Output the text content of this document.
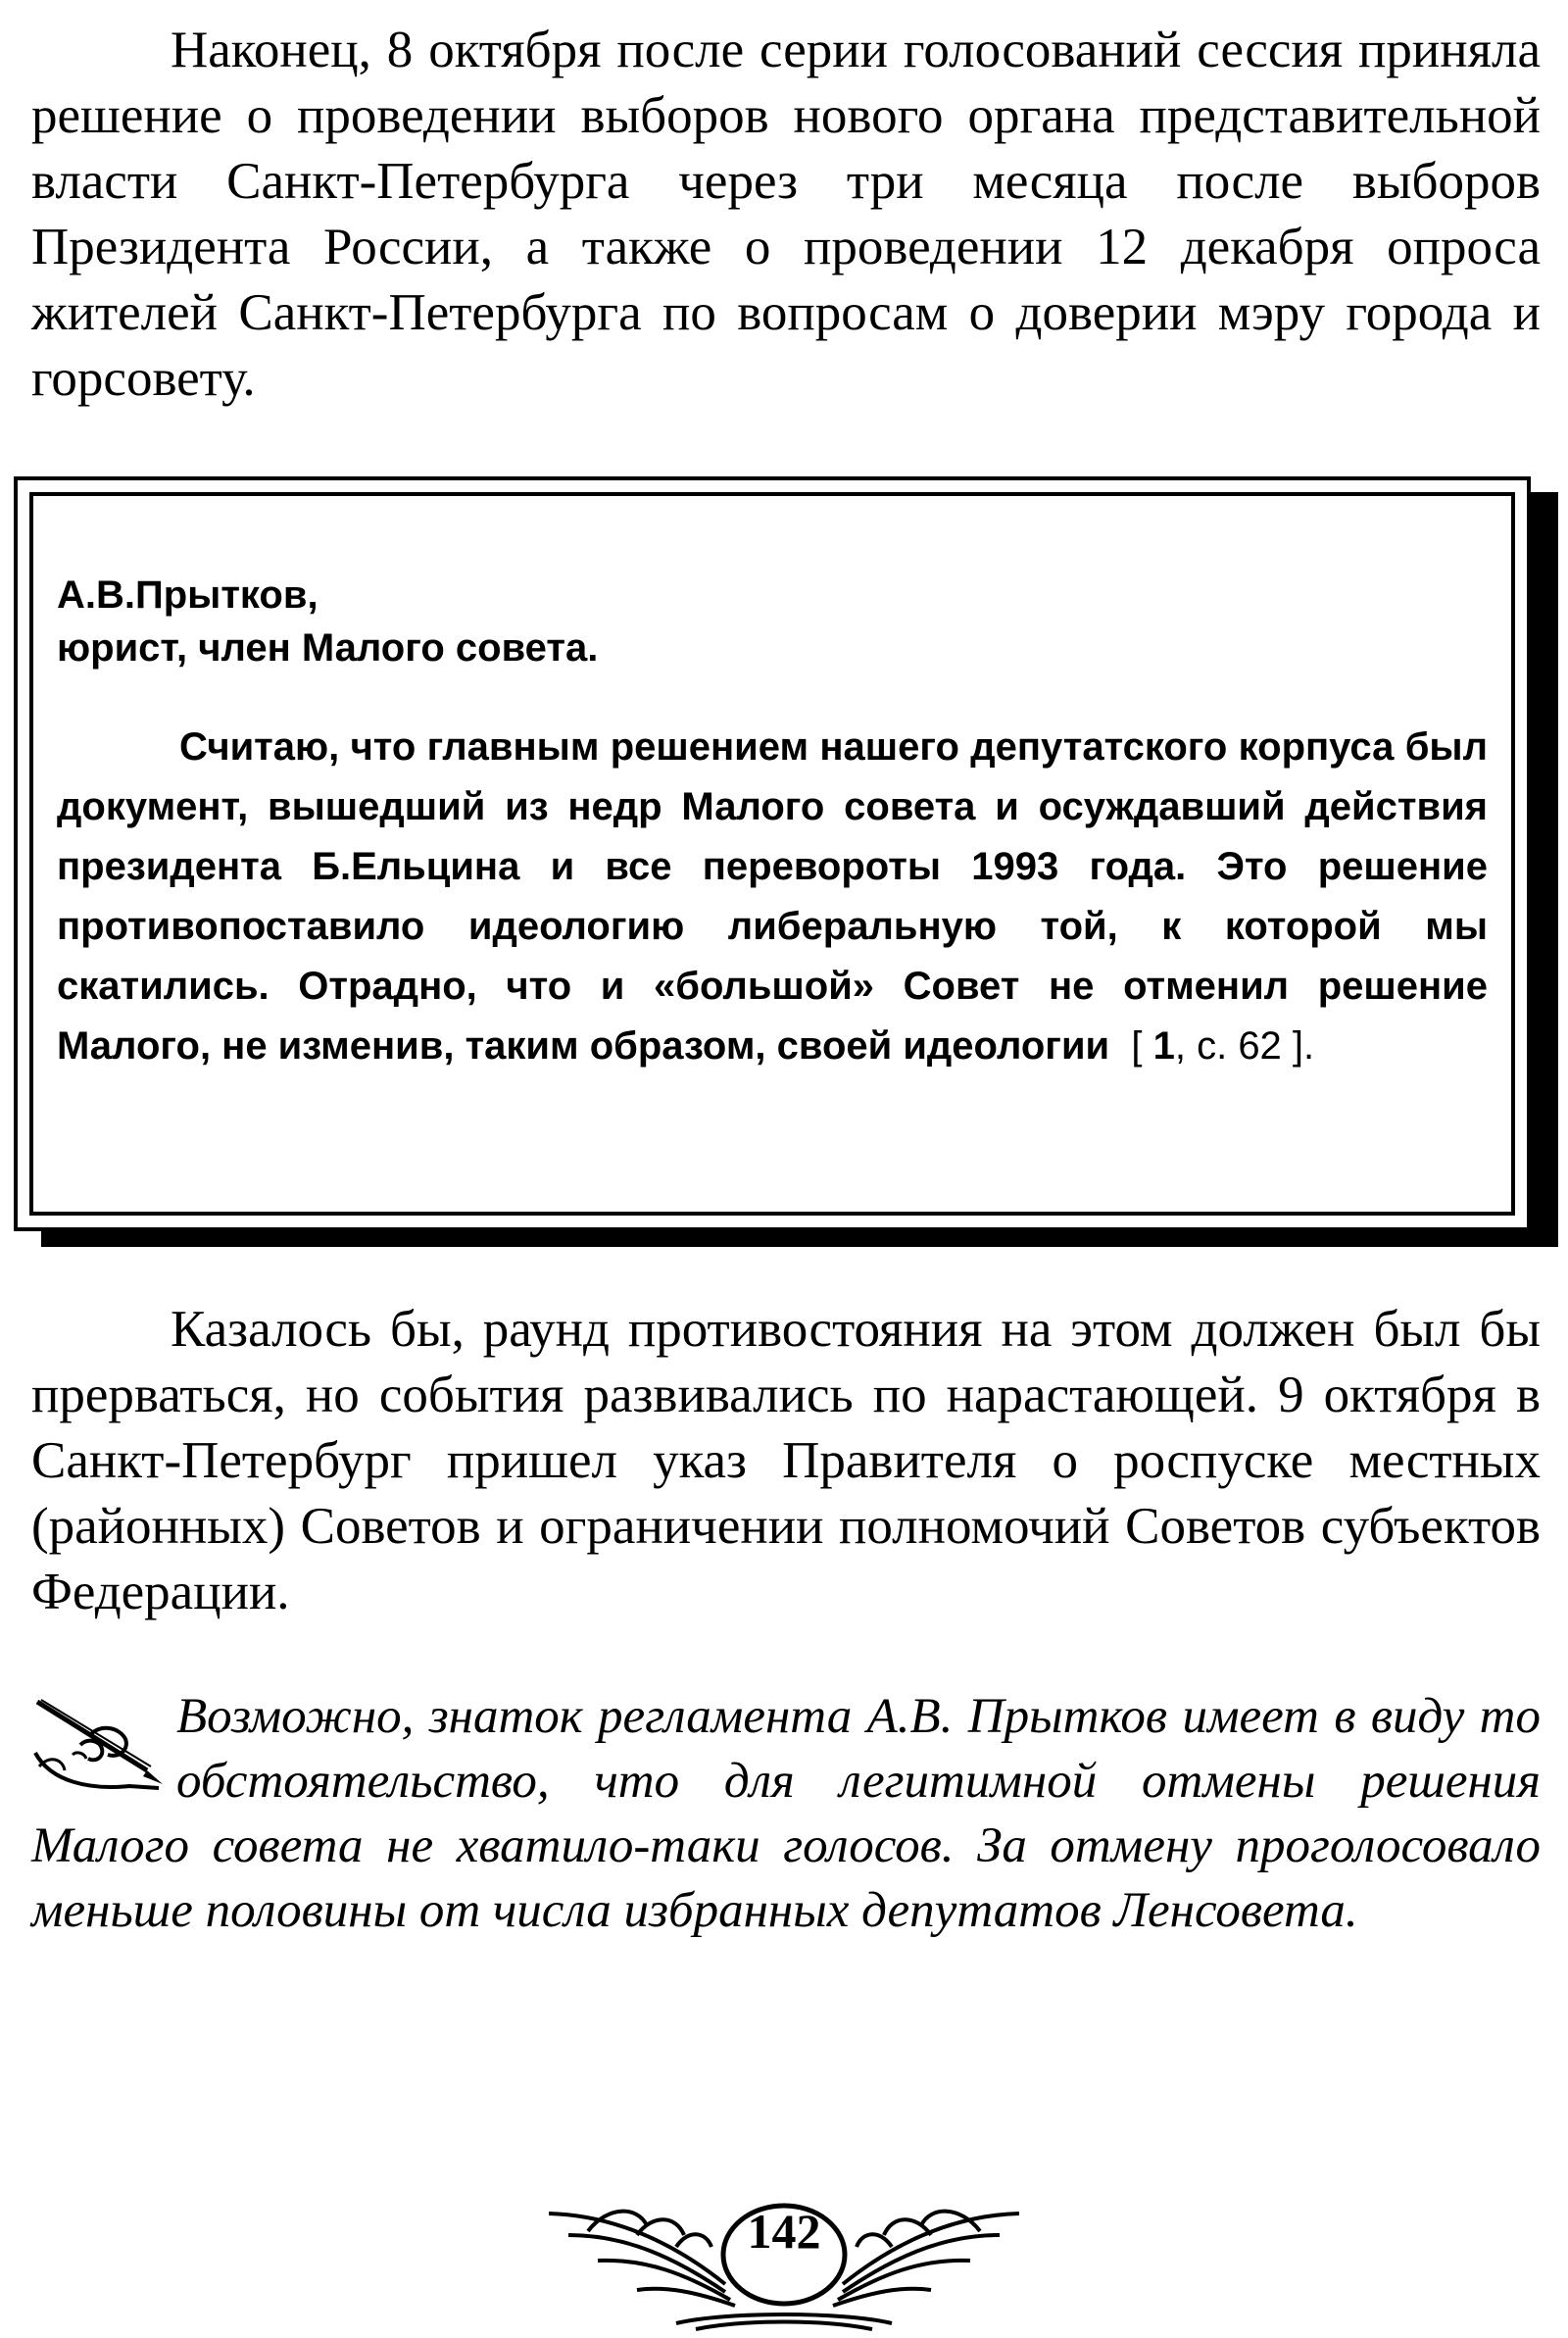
Наконец, 8 октября после серии голосований сессия приняла решение о проведении выборов нового органа представительной власти Санкт-Петербурга через три месяца после выборов Президента России, а также о проведении 12 декабря опроса жителей Санкт-Петербурга по вопросам о доверии мэру города и горсовету.

А.В.Прытков,

юрист, член Малого совета.

Считаю, что главным решением нашего депутатского корпуса был документ, вышедший из недр Малого совета и осуждавший действия президента Б.Ельцина и все перевороты 1993 года. Это решение противопоставило идеологию либеральную той, к которой мы скатились. Отрадно, что и «большой» Совет не отменил решение Малого, не изменив, таким образом, своей идеологии [ 1, с. 62 ].

Казалось бы, раунд противостояния на этом должен был бы прерваться, но события развивались по нарастающей. 9 октября в Санкт-Петербург пришел указ Правителя о роспуске местных (районных) Советов и ограничении полномочий Советов субъектов Федерации.

Возможно, знаток регламента А.В. Прытков имеет в виду то обстоятельство, что для легитимной отмены решения Малого совета не хватило-таки голосов. За отмену проголосовало меньше половины от числа избранных депутатов Ленсовета.
142
